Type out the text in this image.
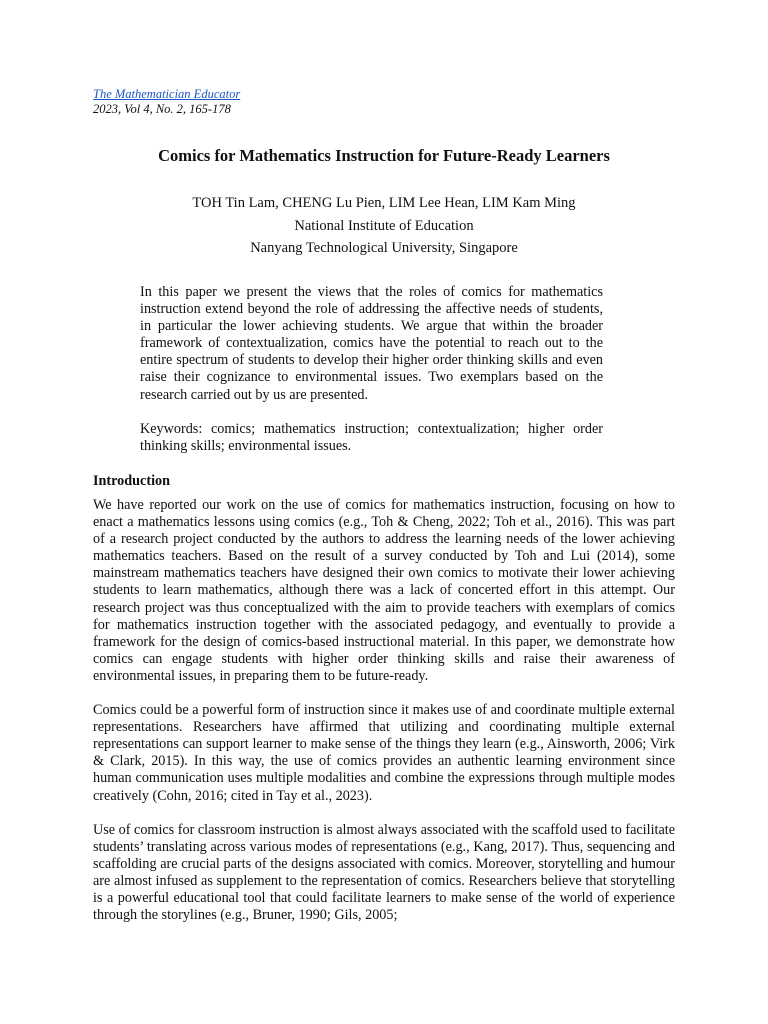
The Mathematician Educator
2023, Vol 4, No. 2, 165-178
Comics for Mathematics Instruction for Future-Ready Learners
TOH Tin Lam, CHENG Lu Pien, LIM Lee Hean, LIM Kam Ming
National Institute of Education
Nanyang Technological University, Singapore

In this paper we present the views that the roles of comics for mathematics instruction extend beyond the role of addressing the affective needs of students, in particular the lower achieving students. We argue that within the broader framework of contextualization, comics have the potential to reach out to the entire spectrum of students to develop their higher order thinking skills and even raise their cognizance to environmental issues. Two exemplars based on the research carried out by us are presented.

Keywords: comics; mathematics instruction; contextualization; higher order thinking skills; environmental issues.

Introduction

We have reported our work on the use of comics for mathematics instruction, focusing on how to enact a mathematics lessons using comics (e.g., Toh & Cheng, 2022; Toh et al., 2016). This was part of a research project conducted by the authors to address the learning needs of the lower achieving mathematics teachers. Based on the result of a survey conducted by Toh and Lui (2014), some mainstream mathematics teachers have designed their own comics to motivate their lower achieving students to learn mathematics, although there was a lack of concerted effort in this attempt. Our research project was thus conceptualized with the aim to provide teachers with exemplars of comics for mathematics instruction together with the associated pedagogy, and eventually to provide a framework for the design of comics-based instructional material. In this paper, we demonstrate how comics can engage students with higher order thinking skills and raise their awareness of environmental issues, in preparing them to be future-ready.

Comics could be a powerful form of instruction since it makes use of and coordinate multiple external representations. Researchers have affirmed that utilizing and coordinating multiple external representations can support learner to make sense of the things they learn (e.g., Ainsworth, 2006; Virk & Clark, 2015). In this way, the use of comics provides an authentic learning environment since human communication uses multiple modalities and combine the expressions through multiple modes creatively (Cohn, 2016; cited in Tay et al., 2023).

Use of comics for classroom instruction is almost always associated with the scaffold used to facilitate students’ translating across various modes of representations (e.g., Kang, 2017). Thus, sequencing and scaffolding are crucial parts of the designs associated with comics. Moreover, storytelling and humour are almost infused as supplement to the representation of comics. Researchers believe that storytelling is a powerful educational tool that could facilitate learners to make sense of the world of experience through the storylines (e.g., Bruner, 1990; Gils, 2005;
